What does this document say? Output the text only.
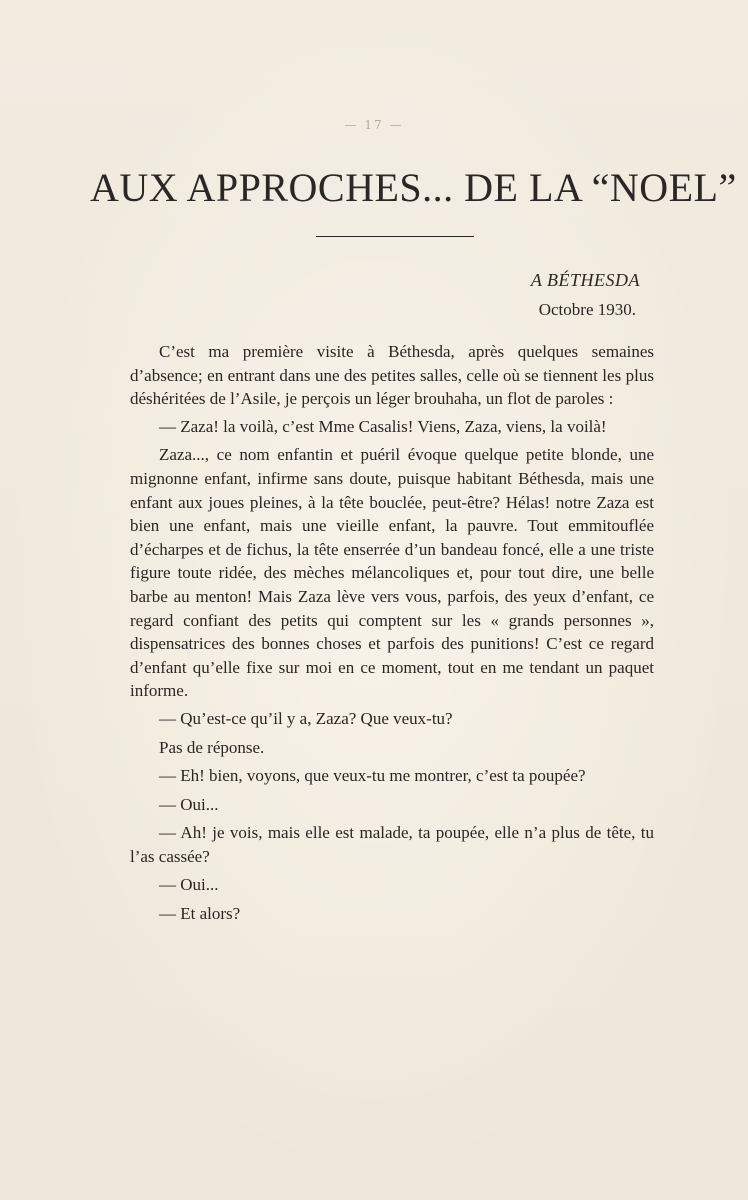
— 17 —
AUX APPROCHES... DE LA “NOEL”
A BÉTHESDA
Octobre 1930.

C’est ma première visite à Béthesda, après quelques semaines d’absence; en entrant dans une des petites salles, celle où se tiennent les plus déshéritées de l’Asile, je perçois un léger brouhaha, un flot de paroles :

— Zaza! la voilà, c’est Mme Casalis! Viens, Zaza, viens, la voilà!

Zaza..., ce nom enfantin et puéril évoque quelque petite blonde, une mignonne enfant, infirme sans doute, puisque habitant Béthesda, mais une enfant aux joues pleines, à la tête bouclée, peut-être? Hélas! notre Zaza est bien une enfant, mais une vieille enfant, la pauvre. Tout emmitouflée d’écharpes et de fichus, la tête enserrée d’un bandeau foncé, elle a une triste figure toute ridée, des mèches mélancoliques et, pour tout dire, une belle barbe au menton! Mais Zaza lève vers vous, parfois, des yeux d’enfant, ce regard confiant des petits qui comptent sur les « grands personnes », dispensatrices des bonnes choses et parfois des punitions! C’est ce regard d’enfant qu’elle fixe sur moi en ce moment, tout en me tendant un paquet informe.

— Qu’est-ce qu’il y a, Zaza? Que veux-tu?

Pas de réponse.

— Eh! bien, voyons, que veux-tu me montrer, c’est ta poupée?

— Oui...

— Ah! je vois, mais elle est malade, ta poupée, elle n’a plus de tête, tu l’as cassée?

— Oui...

— Et alors?
